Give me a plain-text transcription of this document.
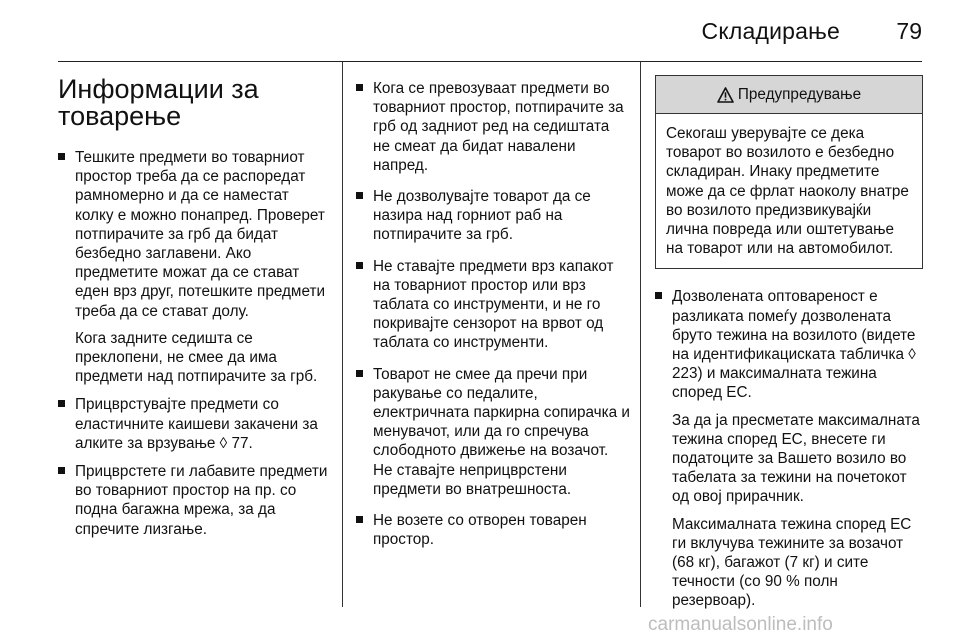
Складирање 79
Информации за
товарење

Тешките предмети во товарниот простор треба да се распоредат рамномерно и да се наместат колку е можно понапред. Проверет потпирачите за грб да бидат безбедно заглавени. Ако предметите можат да се стават еден врз друг, потешките предмети треба да се стават долу.

Кога задните седишта се преклопени, не смее да има предмети над потпирачите за грб.

Прицврстувајте предмети со еластичните каишеви закачени за алките за врзување ◊ 77.

Прицврстете ги лабавите предмети во товарниот простор на пр. со подна багажна мрежа, за да спречите лизгање.

Кога се превозуваат предмети во товарниот простор, потпирачите за грб од задниот ред на седиштата не смеат да бидат навалени напред.

Не дозволувајте товарот да се назира над горниот раб на потпирачите за грб.

Не ставајте предмети врз капакот на товарниот простор или врз таблата со инструменти, и не го покривајте сензорот на врвот од таблата со инструменти.

Товарот не смее да пречи при ракување со педалите, електричната паркирна сопирачка и менувачот, или да го спречува слободното движење на возачот. Не ставајте неприцврстени предмети во внатрешноста.

Не возете со отворен товарен простор.

Предупредување

Секогаш уверувајте се дека товарот во возилото е безбедно складиран. Инаку предметите може да се фрлат наоколу внатре во возилото предизвикувајќи лична повреда или оштетување на товарот или на автомобилот.

Дозволената оптовареност е разликата помеѓу дозволената бруто тежина на возилото (видете на идентификациската табличка ◊ 223) и максималната тежина според ЕС.

За да ја пресметате максималната тежина според ЕС, внесете ги податоците за Вашето возило во табелата за тежини на почетокот од овој прирачник.

Максималната тежина според ЕС ги вклучува тежините за возачот (68 кг), багажот (7 кг) и сите течности (со 90 % полн резервоар).

carmanualsonline.info
